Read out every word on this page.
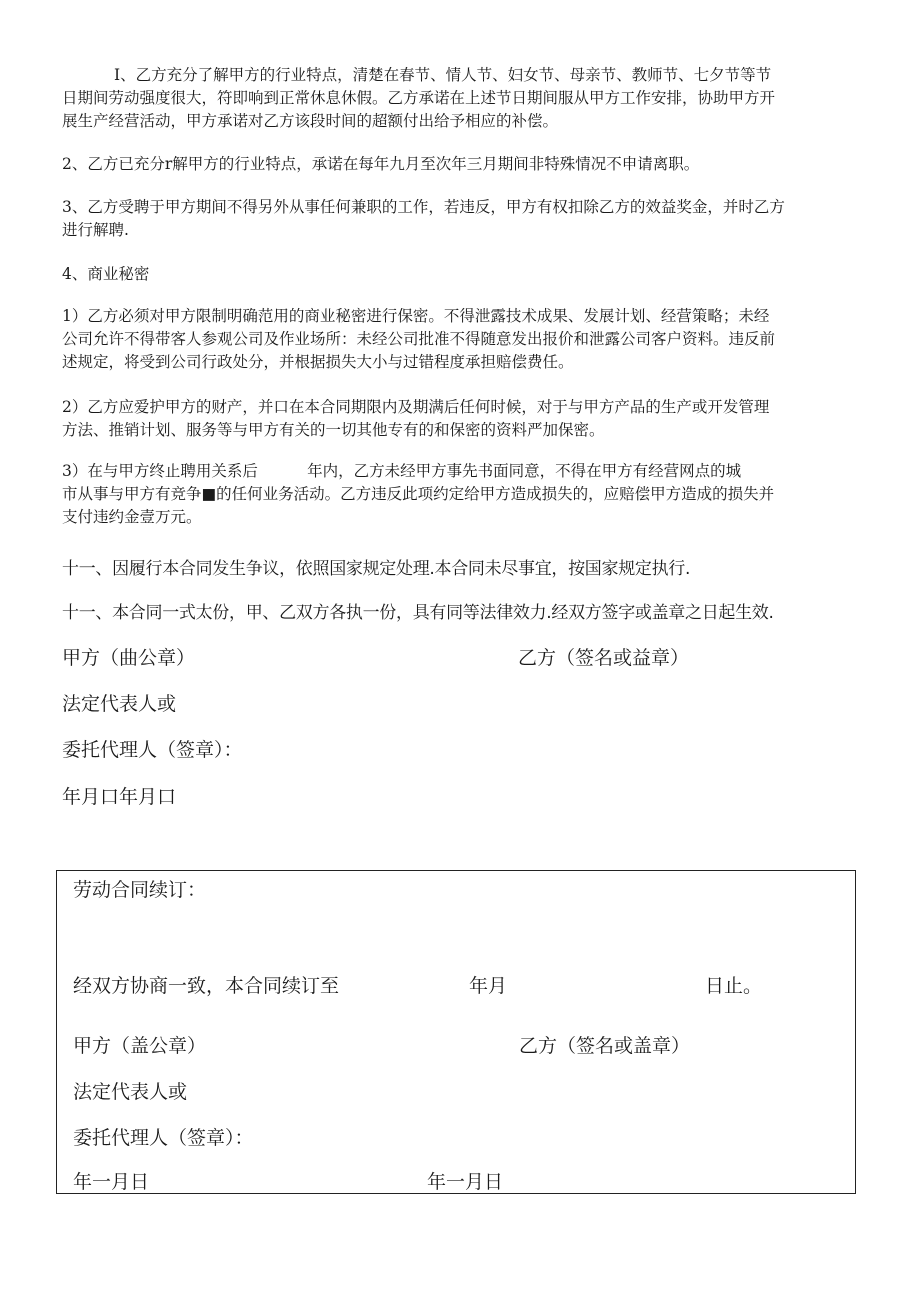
I、乙方充分了解甲方的行业特点，清楚在春节、情人节、妇女节、母亲节、教师节、七夕节等节
日期间劳动强度很大，符即响到正常休息休假。乙方承诺在上述节日期间服从甲方工作安排，协助甲方开
展生产经营活动，甲方承诺对乙方该段时间的超额付出给予相应的补偿。
2、乙方已充分r解甲方的行业特点，承诺在每年九月至次年三月期间非特殊情况不申请离职。
3、乙方受聘于甲方期间不得另外从事任何兼职的工作，若违反，甲方有权扣除乙方的效益奖金，并时乙方
进行解聘.
4、商业秘密
1）乙方必须对甲方限制明确范用的商业秘密进行保密。不得泄露技术成果、发展计划、经营策略；未经
公司允许不得带客人参观公司及作业场所：未经公司批准不得随意发出报价和泄露公司客户资料。违反前
述规定，将受到公司行政处分，并根据损失大小与过错程度承担赔偿费任。
2）乙方应爱护甲方的财产，并口在本合同期限内及期满后任何时候，对于与甲方产品的生产或开发管理
方法、推销计划、服务等与甲方有关的一切其他专有的和保密的资料严加保密。
3）在与甲方终止聘用关系后          年内，乙方未经甲方事先书面同意，不得在甲方有经营网点的城
市从事与甲方有竞争■的任何业务活动。乙方违反此项约定给甲方造成损失的，应赔偿甲方造成的损失并
支付违约金壹万元。

十一、因履行本合同发生争议，依照国家规定处理.本合同未尽事宜，按国家规定执行.

十一、本合同一式太份，甲、乙双方各执一份，具有同等法律效力.经双方签字或盖章之日起生效.

甲方（曲公章）	乙方（签名或益章）

法定代表人或

委托代理人（签章）：

年月口年月口

劳动合同续订：

经双方协商一致，本合同续订至	年月	日止。

甲方（盖公章）	乙方（签名或盖章）

法定代表人或

委托代理人（签章）：

年一月日	年一月日
